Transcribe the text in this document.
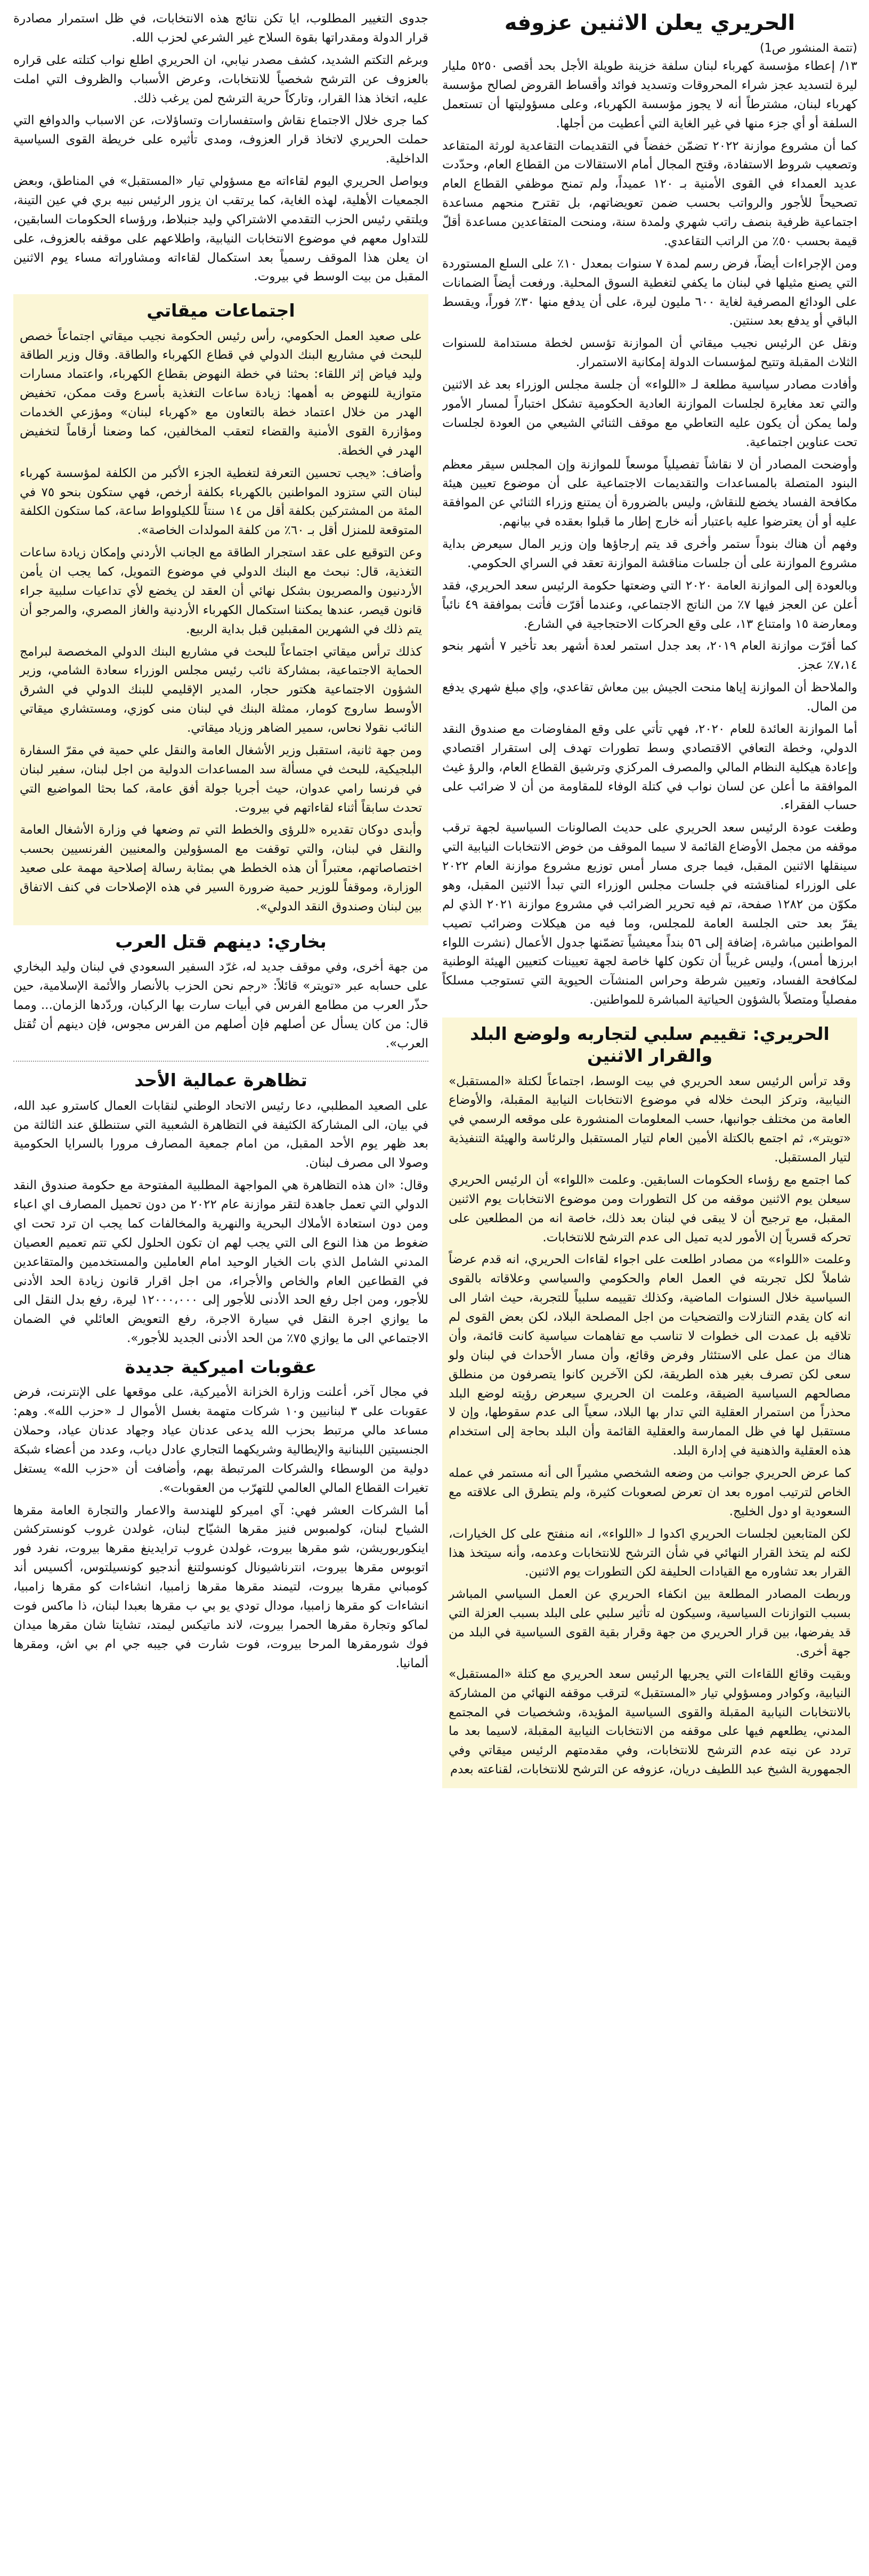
الحريري يعلن الاثنين عزوفه
(تتمة المنشور ص1)

١٣/ إعطاء مؤسسة كهرباء لبنان سلفة خزينة طويلة الأجل بحد أقصى ٥٢٥٠ مليار ليرة لتسديد عجز شراء المحروقات وتسديد فوائد وأقساط القروض لصالح مؤسسة كهرباء لبنان، مشترطاً أنه لا يجوز مؤسسة الكهرباء، وعلى مسؤوليتها أن تستعمل السلفة أو أي جزء منها في غير الغاية التي أعطيت من أجلها.

كما أن مشروع موازنة ٢٠٢٢ تضمّن خفضاً في التقديمات التقاعدية لورثة المتقاعد وتصعيب شروط الاستفادة، وقتح المجال أمام الاستقالات من القطاع العام، وحدّدت عديد العمداء في القوى الأمنية بـ ١٢٠ عميداً، ولم تمنح موظفي القطاع العام تصحيحاً للأجور والرواتب بحسب ضمن تعويضاتهم، بل تقترح منحهم مساعدة اجتماعية ظرفية بنصف راتب شهري ولمدة سنة، ومنحت المتقاعدين مساعدة أقلّ قيمة بحسب ٥٠٪ من الراتب التقاعدي.

ومن الإجراءات أيضاً، فرض رسم لمدة ٧ سنوات بمعدل ١٠٪ على السلع المستوردة التي يصنع مثيلها في لبنان ما يكفي لتغطية السوق المحلية. ورفعت أيضاً الضمانات على الودائع المصرفية لغاية ٦٠٠ مليون ليرة، على أن يدفع منها ٣٠٪ فوراً، ويقسط الباقي أو يدفع بعد سنتين.

ونقل عن الرئيس نجيب ميقاتي أن الموازنة تؤسس لخطة مستدامة للسنوات الثلاث المقبلة وتتيح لمؤسسات الدولة إمكانية الاستمرار.

وأفادت مصادر سياسية مطلعة لـ «اللواء» أن جلسة مجلس الوزراء بعد غد الاثنين والتي تعد مغايرة لجلسات الموازنة العادية الحكومية تشكل اختباراً لمسار الأمور ولما يمكن أن يكون عليه التعاطي مع موقف الثنائي الشيعي من العودة لجلسات تحت عناوين اجتماعية.

وأوضحت المصادر أن لا نقاشاً تفصيلياً موسعاً للموازنة وإن المجلس سيقر معظم البنود المتصلة بالمساعدات والتقديمات الاجتماعية على أن موضوع تعيين هيئة مكافحة الفساد يخضع للنقاش، وليس بالضرورة أن يمتنع وزراء الثنائي عن الموافقة عليه أو أن يعترضوا عليه باعتبار أنه خارج إطار ما قبلوا بعقده في بيانهم.

وفهم أن هناك بنوداً ستمر وأخرى قد يتم إرجاؤها وإن وزير المال سيعرض بداية مشروع الموازنة على أن جلسات مناقشة الموازنة تعقد في السراي الحكومي.

وبالعودة إلى الموازنة العامة ٢٠٢٠ التي وضعتها حكومة الرئيس سعد الحريري، فقد أعلن عن العجز فيها ٧٪ من الناتج الاجتماعي، وعندما أقرّت فأتت بموافقة ٤٩ نائباً ومعارضة ١٥ وامتناع ١٣، على وقع الحركات الاحتجاجية في الشارع.

كما أقرّت موازنة العام ٢٠١٩، بعد جدل استمر لعدة أشهر بعد تأخير ٧ أشهر بنحو ٧،١٤٪ عجز.

والملاحظ أن الموازنة إياها منحت الجيش بين معاش تقاعدي، وإي مبلغ شهري يدفع من المال.

أما الموازنة العائدة للعام ٢٠٢٠، فهي تأتي على وقع المفاوضات مع صندوق النقد الدولي، وخطة التعافي الاقتصادي وسط تطورات تهدف إلى استقرار اقتصادي وإعادة هيكلية النظام المالي والمصرف المركزي وترشيق القطاع العام، والرؤ غيث الموافقة ما أعلن عن لسان نواب في كتلة الوفاء للمقاومة من أن لا ضرائب على حساب الفقراء.

وطغت عودة الرئيس سعد الحريري على حديث الصالونات السياسية لجهة ترقب موقفه من مجمل الأوضاع القائمة لا سيما الموقف من خوض الانتخابات النيابية التي سينقلها الاثنين المقبل، فيما جرى مسار أمس توزيع مشروع موازنة العام ٢٠٢٢ على الوزراء لمناقشته في جلسات مجلس الوزراء التي تبدأ الاثنين المقبل، وهو مكوّن من ١٢٨٢ صفحة، تم فيه تحرير الضرائب في مشروع موازنة ٢٠٢١ الذي لم يقرّ بعد حتى الجلسة العامة للمجلس، وما فيه من هيكلات وضرائب تصيب المواطنين مباشرة، إضافة إلى ٥٦ بنداً معيشياً تضمّنها جدول الأعمال (نشرت اللواء ابرزها أمس)، وليس غريباً أن تكون كلها خاصة لجهة تعيينات كتعيين الهيئة الوطنية لمكافحة الفساد، وتعيين شرطة وحراس المنشآت الحيوية التي تستوجب مسلكاً مفصلياً ومتصلاً بالشؤون الحياتية المباشرة للمواطنين.

الحريري: تقييم سلبي لتجاربه ولوضع البلد والقرار الاثنين

وقد ترأس الرئيس سعد الحريري في بيت الوسط، اجتماعاً لكتلة «المستقبل» النيابية، وتركز البحث خلاله في موضوع الانتخابات النيابية المقبلة، والأوضاع العامة من مختلف جوانبها، حسب المعلومات المنشورة على موقعه الرسمي في «تويتر»، ثم اجتمع بالكتلة الأمين العام لتيار المستقبل والرئاسة والهيئة التنفيذية لتيار المستقبل.

كما اجتمع مع رؤساء الحكومات السابقين. وعلمت «اللواء» أن الرئيس الحريري سيعلن يوم الاثنين موقفه من كل التطورات ومن موضوع الانتخابات يوم الاثنين المقبل، مع ترجيح أن لا يبقى في لبنان بعد ذلك، خاصة انه من المطلعين على تحركه قسرياً إن الأمور لديه تميل الى عدم الترشح للانتخابات.

وعلمت «اللواء» من مصادر اطلعت على اجواء لقاءات الحريري، انه قدم عرضاً شاملاً لكل تجربته في العمل العام والحكومي والسياسي وعلاقاته بالقوى السياسية خلال السنوات الماضية، وكذلك تقييمه سلبياً للتجربة، حيث اشار الى انه كان يقدم التنازلات والتضحيات من اجل المصلحة البلاد، لكن بعض القوى لم تلاقيه بل عمدت الى خطوات لا تناسب مع تفاهمات سياسية كانت قائمة، وأن هناك من عمل على الاستئثار وفرض وقائع، وأن مسار الأحداث في لبنان ولو سعى لكن تصرف بغير هذه الطريقة، لكن الآخرين كانوا يتصرفون من منطلق مصالحهم السياسية الضيقة، وعلمت ان الحريري سيعرض رؤيته لوضع البلد محذراً من استمرار العقلية التي تدار بها البلاد، سعياً الى عدم سقوطها، وإن لا مستقبل لها في ظل الممارسة والعقلية القائمة وأن البلد بحاجة إلى استخدام هذه العقلية والذهنية في إدارة البلد.

كما عرض الحريري جوانب من وضعه الشخصي مشيراً الى أنه مستمر في عمله الخاص لترتيب اموره بعد ان تعرض لصعوبات كثيرة، ولم يتطرق الى علاقته مع السعودية او دول الخليج.

لكن المتابعين لجلسات الحريري اكدوا لـ «اللواء»، انه منفتح على كل الخيارات، لكنه لم يتخذ القرار النهائي في شأن الترشح للانتخابات وعدمه، وأنه سيتخذ هذا القرار بعد تشاوره مع القيادات الحليفة لكن التطورات يوم الاثنين.

وربطت المصادر المطلعة بين انكفاء الحريري عن العمل السياسي المباشر بسبب التوازنات السياسية، وسيكون له تأثير سلبي على البلد بسبب العزلة التي قد يفرضها، بين قرار الحريري من جهة وقرار بقية القوى السياسية في البلد من جهة أخرى.

وبقيت وقائع اللقاءات التي يجريها الرئيس سعد الحريري مع كتلة «المستقبل» النيابية، وكوادر ومسؤولي تيار «المستقبل» لترقب موقفه النهائي من المشاركة بالانتخابات النيابية المقبلة والقوى السياسية المؤيدة، وشخصيات في المجتمع المدني، يطلعهم فيها على موقفه من الانتخابات النيابية المقبلة، لاسيما بعد ما تردد عن نيته عدم الترشح للانتخابات، وفي مقدمتهم الرئيس ميقاتي وفي الجمهورية الشيخ عبد اللطيف دريان، عزوفه عن الترشح للانتخابات، لقناعته بعدم

جدوى التغيير المطلوب، ايا تكن نتائج هذه الانتخابات، في ظل استمرار مصادرة قرار الدولة ومقدراتها بقوة السلاح غير الشرعي لحزب الله.

وبرغم التكتم الشديد، كشف مصدر نيابي، ان الحريري اطلع نواب كتلته على قراره بالعزوف عن الترشح شخصياً للانتخابات، وعرض الأسباب والظروف التي املت عليه، اتخاذ هذا القرار، وتاركاً حرية الترشح لمن يرغب ذلك.

كما جرى خلال الاجتماع نقاش واستفسارات وتساؤلات، عن الاسباب والدوافع التي حملت الحريري لاتخاذ قرار العزوف، ومدى تأثيره على خريطة القوى السياسية الداخلية.

ويواصل الحريري اليوم لقاءاته مع مسؤولي تيار «المستقبل» في المناطق، وبعض الجمعيات الأهلية، لهذه الغاية، كما يرتقب ان يزور الرئيس نبيه بري في عين التينة، ويلتقي رئيس الحزب التقدمي الاشتراكي وليد جنبلاط، ورؤساء الحكومات السابقين، للتداول معهم في موضوع الانتخابات النيابية، واطلاعهم على موقفه بالعزوف، على ان يعلن هذا الموقف رسمياً بعد استكمال لقاءاته ومشاوراته مساء يوم الاثنين المقبل من بيت الوسط في بيروت.

اجتماعات ميقاتي

على صعيد العمل الحكومي، رأس رئيس الحكومة نجيب ميقاتي اجتماعاً خصص للبحث في مشاريع البنك الدولي في قطاع الكهرباء والطاقة. وقال وزير الطاقة وليد فياض إثر اللقاء: بحثنا في خطة النهوض بقطاع الكهرباء، واعتماد مسارات متوازية للنهوض به أهمها: زيادة ساعات التغذية بأسرع وقت ممكن، تخفيض الهدر من خلال اعتماد خطة بالتعاون مع «كهرباء لبنان» ومؤزعي الخدمات ومؤازرة القوى الأمنية والقضاء لتعقب المخالفين، كما وضعنا أرقاماً لتخفيض الهدر في الخطة.

وأضاف: «يجب تحسين التعرفة لتغطية الجزء الأكبر من الكلفة لمؤسسة كهرباء لبنان التي ستزود المواطنين بالكهرباء بكلفة أرخص، فهي ستكون بنحو ٧٥ في المئة من المشتركين بكلفة أقل من ١٤ سنتاً للكيلوواط ساعة، كما ستكون الكلفة المتوقعة للمنزل أقل بـ ٦٠٪ من كلفة المولدات الخاصة».

وعن التوقيع على عقد استجرار الطاقة مع الجانب الأردني وإمكان زيادة ساعات التغذية، قال: نبحث مع البنك الدولي في موضوع التمويل، كما يجب ان يأمن الأردنيون والمصريون بشكل نهائي أن العقد لن يخضع لأي تداعيات سلبية جراء قانون قيصر، عندها يمكننا استكمال الكهرباء الأردنية والغاز المصري، والمرجو أن يتم ذلك في الشهرين المقبلين قبل بداية الربيع.

كذلك ترأس ميقاتي اجتماعاً للبحث في مشاريع البنك الدولي المخصصة لبرامج الحماية الاجتماعية، بمشاركة نائب رئيس مجلس الوزراء سعادة الشامي، وزير الشؤون الاجتماعية هكتور حجار، المدير الإقليمي للبنك الدولي في الشرق الأوسط ساروج كومار، ممثلة البنك في لبنان منى كوزي، ومستشاري ميقاتي النائب نقولا نحاس، سمير الضاهر وزياد ميقاتي.

ومن جهة ثانية، استقبل وزير الأشغال العامة والنقل علي حمية في مقرّ السفارة البلجيكية، للبحث في مسألة سد المساعدات الدولية من اجل لبنان، سفير لبنان في فرنسا رامي عدوان، حيث أجريا جولة أفق عامة، كما بحثا المواضيع التي تحدث سابقاً أثناء لقاءاتهم في بيروت.

وأبدى دوكان تقديره «للرؤى والخطط التي تم وضعها في وزارة الأشغال العامة والنقل في لبنان، والتي توقفت مع المسؤولين والمعنيين الفرنسيين بحسب اختصاصاتهم، معتبراً أن هذه الخطط هي بمثابة رسالة إصلاحية مهمة على صعيد الوزارة، وموقفاً للوزير حمية ضرورة السير في هذه الإصلاحات في كنف الاتفاق بين لبنان وصندوق النقد الدولي».

بخاري: دينهم قتل العرب

من جهة أخرى، وفي موقف جديد له، غرّد السفير السعودي في لبنان وليد البخاري على حسابه عبر «تويتر» قائلاً: «رجم نحن الحزب بالأنصار والأئمة الإسلامية، حين حذّر العرب من مطامع الفرس في أبيات سارت بها الركبان، وردّدها الزمان... ومما قال: من كان يسأل عن أصلهم فإن أصلهم من الفرس مجوس، فإن دينهم أن تُقتل العرب».

تظاهرة عمالية الأحد

على الصعيد المطلبي، دعا رئيس الاتحاد الوطني لنقابات العمال كاسترو عبد الله، في بيان، الى المشاركة الكثيفة في التظاهرة الشعبية التي ستنطلق عند الثالثة من بعد ظهر يوم الأحد المقبل، من امام جمعية المصارف مرورا بالسرايا الحكومية وصولا الى مصرف لبنان.

وقال: «ان هذه التظاهرة هي المواجهة المطلبية المفتوحة مع حكومة صندوق النقد الدولي التي تعمل جاهدة لتقر موازنة عام ٢٠٢٢ من دون تحميل المصارف اي اعباء ومن دون استعادة الأملاك البحرية والنهرية والمخالفات كما يجب ان ترد تحت اي ضغوط من هذا النوع الى التي يجب لهم ان تكون الحلول لكي تتم تعميم العصيان المدني الشامل الذي بات الخيار الوحيد امام العاملين والمستخدمين والمتقاعدين في القطاعين العام والخاص والأجراء، من اجل اقرار قانون زيادة الحد الأدنى للأجور، ومن اجل رفع الحد الأدنى للأجور إلى ١٢٠٠٠،٠٠٠ ليرة، رفع بدل النقل الى ما يوازي اجرة النقل في سيارة الاجرة، رفع التعويض العائلي في الضمان الاجتماعي الى ما يوازي ٧٥٪ من الحد الأدنى الجديد للأجور».

عقوبات اميركية جديدة

في مجال آخر، أعلنت وزارة الخزانة الأميركية، على موقعها على الإنترنت، فرض عقوبات على ٣ لبنانيين و١٠ شركات متهمة بغسل الأموال لـ «حزب الله». وهم: مساعد مالي مرتبط بحزب الله يدعى عدنان عياد وجهاد عدنان عياد، وحملان الجنسيتين اللبنانية والإيطالية وشريكهما التجاري عادل دياب، وعدد من أعضاء شبكة دولية من الوسطاء والشركات المرتبطة بهم، وأضافت أن «حزب الله» يستغل تغيرات القطاع المالي العالمي للتهرّب من العقوبات».

أما الشركات العشر فهي: آي اميركو للهندسة والاعمار والتجارة العامة مقرها الشياح لبنان، كولمبوس فنيز مقرها الشيّاح لبنان، غولدن غروب كونستركشن اينكوربوريشن، شو مقرها بيروت، غولدن غروب ترايدينغ مقرها بيروت، نفرد فور اتوبوس مقرها بيروت، انترناشيونال كونسولتنغ أندجيو كونسيلتوس، أكسيس أند كومباني مقرها بيروت، لتيمند مقرها مقرها زامبيا، انشاءات كو مقرها زامبيا، انشاءات كو مقرها زامبيا، مودال تودي يو بي ب مقرها بعبدا لبنان، ذا ماكس فوت لماكو وتجارة مقرها الحمرا بيروت، لاند ماتيكس ليمتد، تشايتا شان مقرها ميدان فوك شورمقرها المرحا بيروت، فوت شارت في جيبه جي ام بي اش، ومقرها ألمانيا.
